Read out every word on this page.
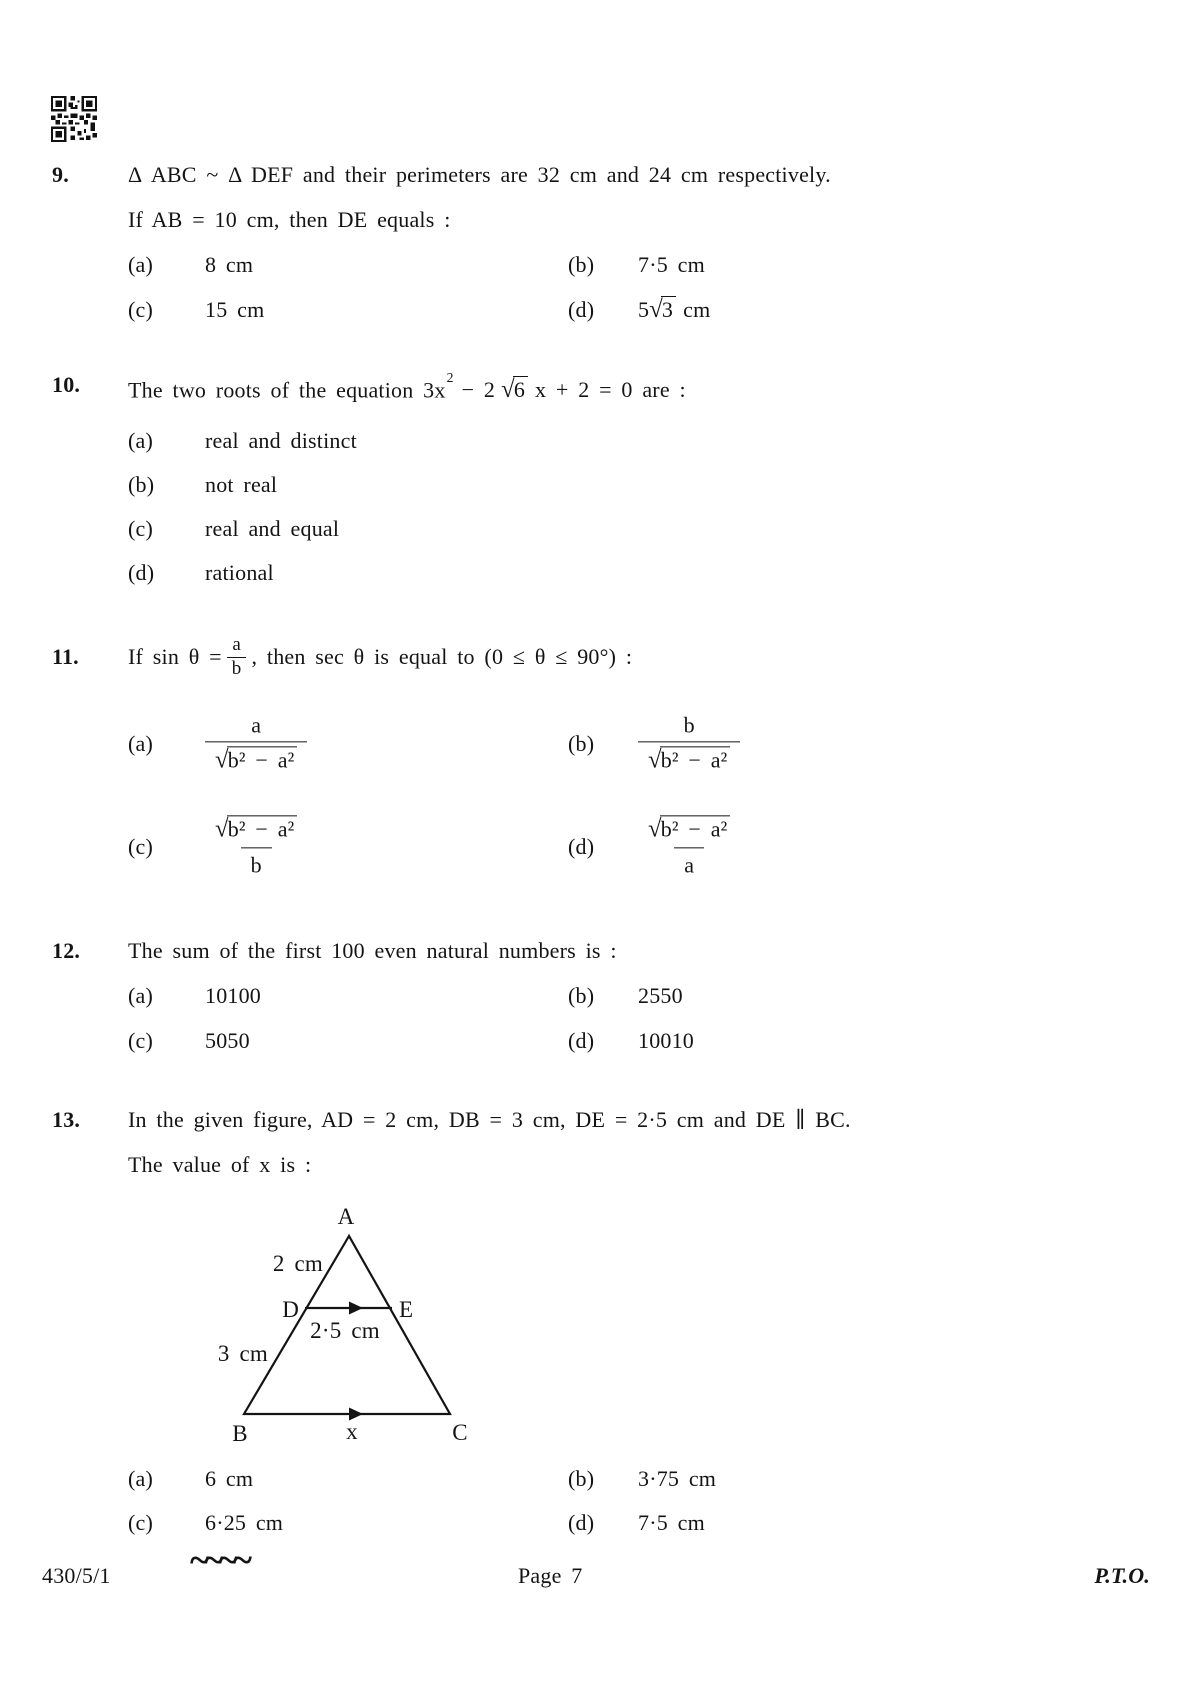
9.	Δ ABC ~ Δ DEF and their perimeters are 32 cm and 24 cm respectively.
If AB = 10 cm, then DE equals :
(a) 8 cm	(b) 7·5 cm
(c) 15 cm	(d) 5√3 cm
10. The two roots of the equation $3x^2- 2$ √6 x + 2 = 0 are :
(a) real and distinct
(b) not real
(c) real and equal
(d) rational
11. If $\sin \theta = \frac{a}{b}$ , then sec θ is equal to (0 ≤ θ ≤ 90°) :
$(a) \frac{a}{\text{√b² − a²}}$	$(b) \frac{b}{\text{√b² − a²}}$
$(c) \frac{\text{√b² − a²}}{b}$	$(d) \frac{\text{√b² − a²}}{a}$
12. The sum of the first 100 even natural numbers is :
(a) 10100	(b) 2550
(c) 5050	(d) 10010
13. In the given figure, AD = 2 cm, DB = 3 cm, DE = 2·5 cm and DE ∥ BC.
The value of x is :
A
B	C
D	E
2 cm
3 cm
2·5 cm
x
(a) 6 cm	(b) 3·75 cm
(c) 6·25 cm	(d) 7·5 cm
430/5/1 ~~~~	Page 7	P.T.O.
